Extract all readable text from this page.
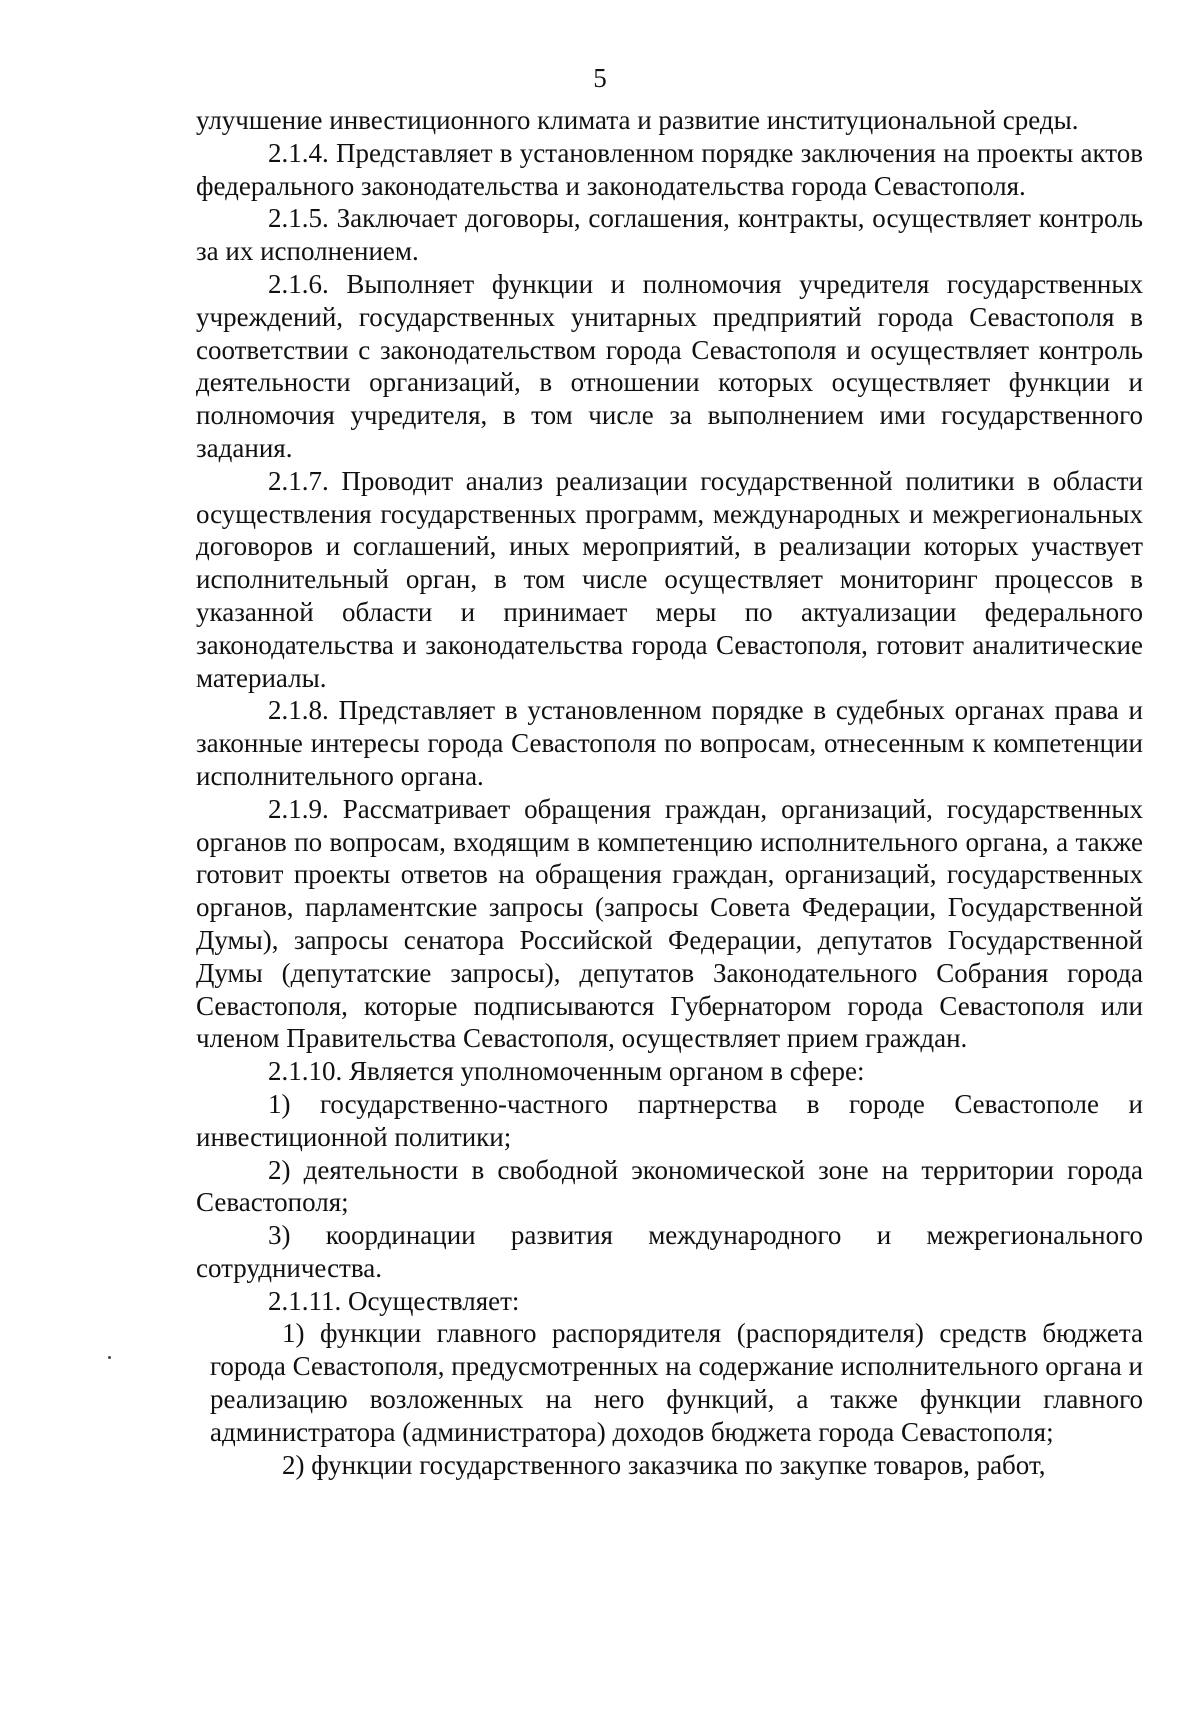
5

улучшение инвестиционного климата и развитие институциональной среды.

2.1.4. Представляет в установленном порядке заключения на проекты актов федерального законодательства и законодательства города Севастополя.

2.1.5. Заключает договоры, соглашения, контракты, осуществляет контроль за их исполнением.

2.1.6. Выполняет функции и полномочия учредителя государственных учреждений, государственных унитарных предприятий города Севастополя в соответствии с законодательством города Севастополя и осуществляет контроль деятельности организаций, в отношении которых осуществляет функции и полномочия учредителя, в том числе за выполнением ими государственного задания.

2.1.7. Проводит анализ реализации государственной политики в области осуществления государственных программ, международных и межрегиональных договоров и соглашений, иных мероприятий, в реализации которых участвует исполнительный орган, в том числе осуществляет мониторинг процессов в указанной области и принимает меры по актуализации федерального законодательства и законодательства города Севастополя, готовит аналитические материалы.

2.1.8. Представляет в установленном порядке в судебных органах права и законные интересы города Севастополя по вопросам, отнесенным к компетенции исполнительного органа.

2.1.9. Рассматривает обращения граждан, организаций, государственных органов по вопросам, входящим в компетенцию исполнительного органа, а также готовит проекты ответов на обращения граждан, организаций, государственных органов, парламентские запросы (запросы Совета Федерации, Государственной Думы), запросы сенатора Российской Федерации, депутатов Государственной Думы (депутатские запросы), депутатов Законодательного Собрания города Севастополя, которые подписываются Губернатором города Севастополя или членом Правительства Севастополя, осуществляет прием граждан.

2.1.10. Является уполномоченным органом в сфере:

1) государственно-частного партнерства в городе Севастополе и инвестиционной политики;

2) деятельности в свободной экономической зоне на территории города Севастополя;

3) координации развития международного и межрегионального сотрудничества.

2.1.11. Осуществляет:

1) функции главного распорядителя (распорядителя) средств бюджета города Севастополя, предусмотренных на содержание исполнительного органа и реализацию возложенных на него функций, а также функции главного администратора (администратора) доходов бюджета города Севастополя;

2) функции государственного заказчика по закупке товаров, работ,
